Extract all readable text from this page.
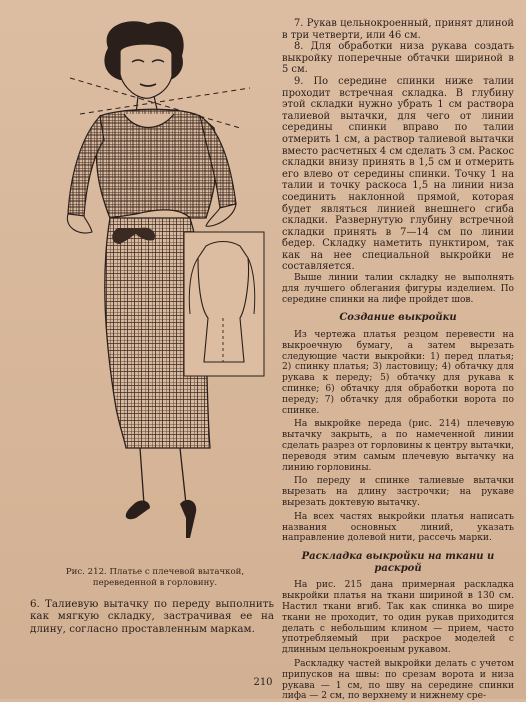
Рис. 212. Платье с плечевой вытачкой, переведенной в горловину.
6. Талиевую вытачку по переду выполнить как мягкую складку, застрачивая ее на длину, согласно проставленным маркам.

7. Рукав цельнокроенный, принят длиной в три четверти, или 46 см.

8. Для обработки низа рукава создать выкройку поперечные обтачки шириной в 5 см.

9. По середине спинки ниже талии проходит встречная складка. В глубину этой складки нужно убрать 1 см раствора талиевой вытачки, для чего от линии середины спинки вправо по талии отмерить 1 см, а раствор талиевой вытачки вместо расчетных 4 см сделать 3 см. Раскос складки внизу принять в 1,5 см и отмерить его влево от середины спинки. Точку 1 на талии и точку раскоса 1,5 на линии низа соединить наклонной прямой, которая будет являться линией внешнего сгиба складки. Развернутую глубину встречной складки принять в 7—14 см по линии бедер. Складку наметить пунктиром, так как на нее специальной выкройки не составляется.

Выше линии талии складку не выполнять для лучшего облегания фигуры изделием. По середине спинки на лифе пройдет шов.

Создание выкройки

Из чертежа платья резцом перевести на выкроечную бумагу, а затем вырезать следующие части выкройки: 1) перед платья; 2) спинку платья; 3) ластовицу; 4) обтачку для рукава к переду; 5) обтачку для рукава к спинке; 6) обтачку для обработки ворота по переду; 7) обтачку для обработки ворота по спинке.

На выкройке переда (рис. 214) плечевую вытачку закрыть, а по намеченной линии сделать разрез от горловины к центру вытачки, переводя этим самым плечевую вытачку на линию горловины.

По переду и спинке талиевые вытачки вырезать на длину застрочки; на рукаве вырезать доктевую вытачку.

На всех частях выкройки платья написать названия основных линий, указать направление долевой нити, рассечь марки.

Раскладка выкройки на ткани и раскрой

На рис. 215 дана примерная раскладка выкройки платья на ткани шириной в 130 см. Настил ткани вгиб. Так как спинка во шире ткани не проходит, то один рукав приходится делать с небольшим клином — прием, часто употребляемый при раскрое моделей с длинным цельнокроеным рукавом.

Раскладку частей выкройки делать с учетом припусков на швы: по срезам ворота и низа рукава — 1 см, по шву на середине спинки лифа — 2 см, по верхнему и нижнему сре-

210
